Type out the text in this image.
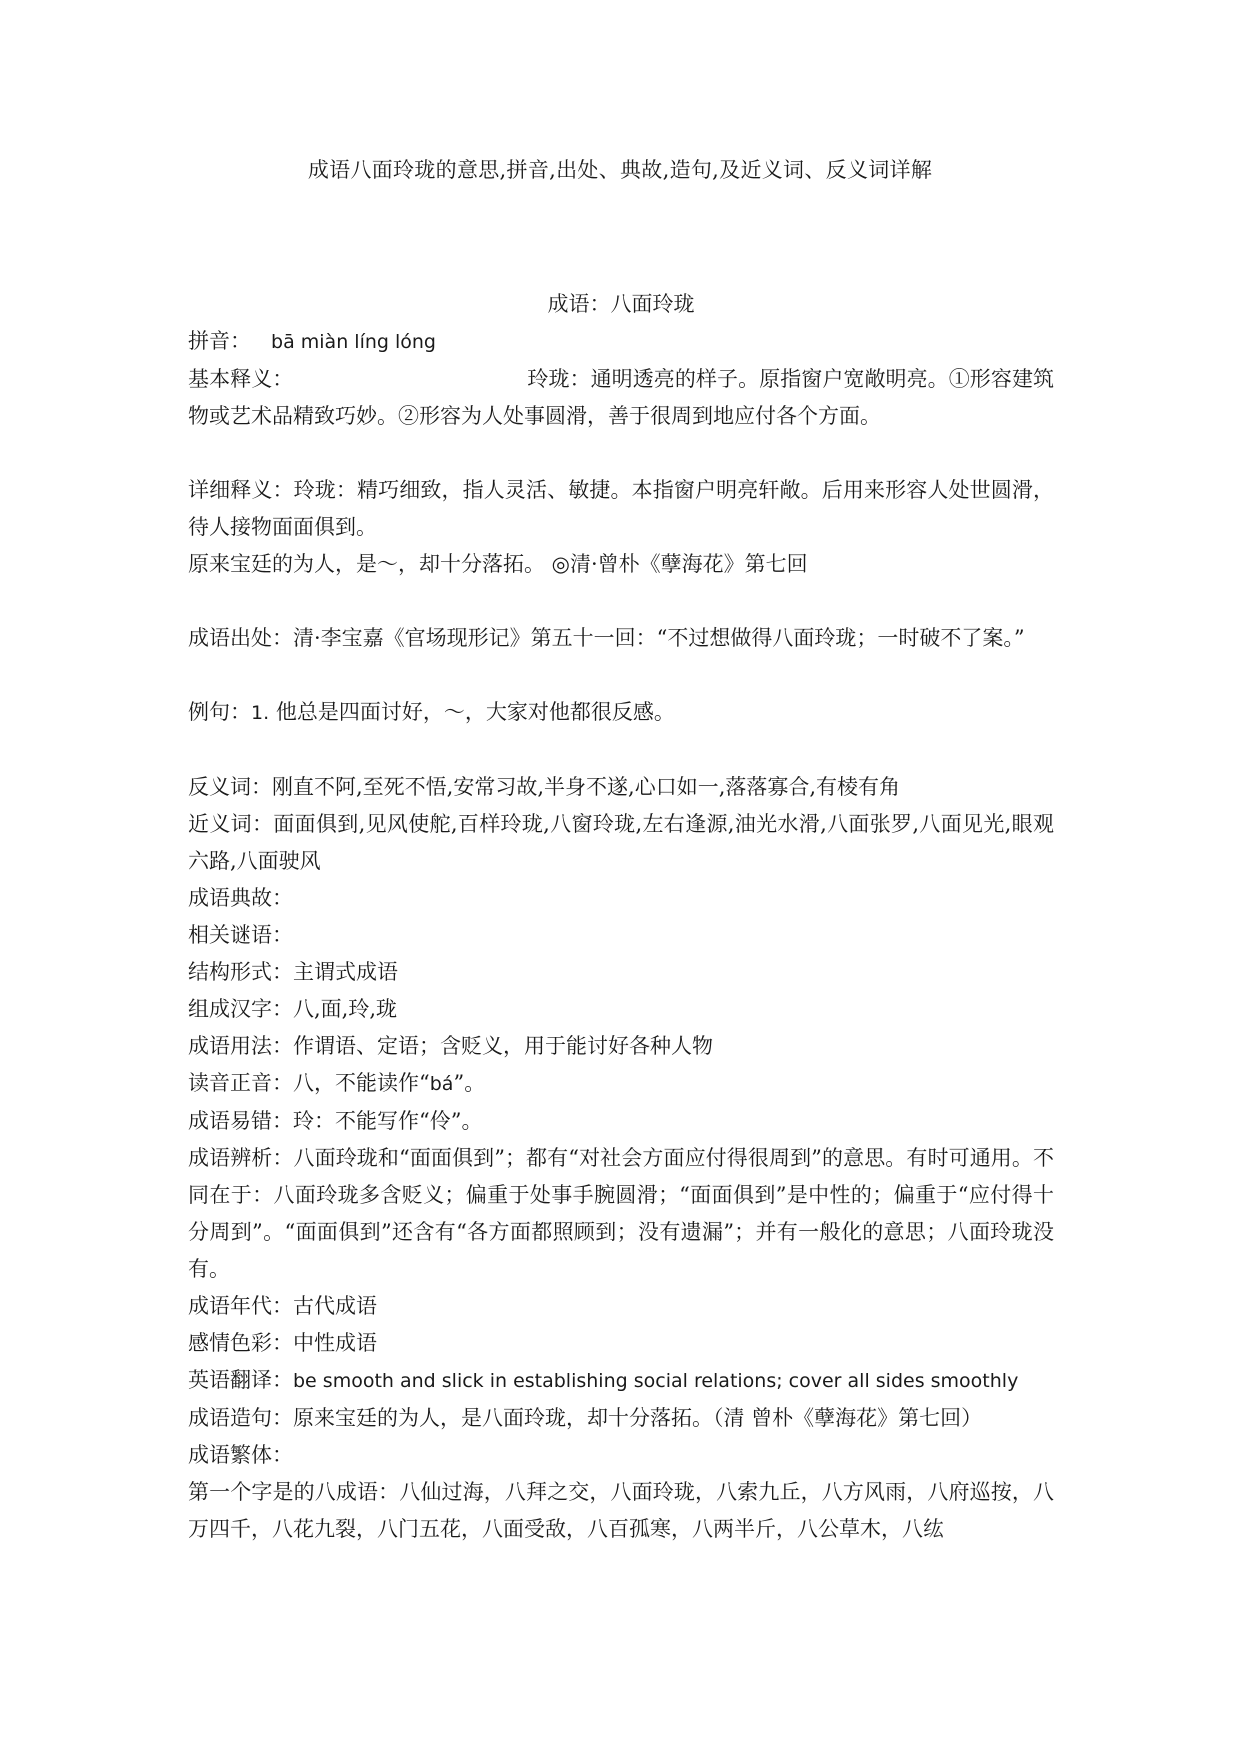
成语八面玲珑的意思,拼音,出处、典故,造句,及近义词、反义词详解

成语：八面玲珑

拼音： bā miàn líng lóng

基本释义：	玲珑：通明透亮的样子。原指窗户宽敞明亮。①形容建筑物或艺术品精致巧妙。②形容为人处事圆滑，善于很周到地应付各个方面。

详细释义：玲珑：精巧细致，指人灵活、敏捷。本指窗户明亮轩敞。后用来形容人处世圆滑，待人接物面面俱到。

原来宝廷的为人，是～，却十分落拓。 ◎清·曾朴《孽海花》第七回

成语出处：清·李宝嘉《官场现形记》第五十一回：“不过想做得八面玲珑；一时破不了案。”

例句：1. 他总是四面讨好，～，大家对他都很反感。

反义词：刚直不阿,至死不悟,安常习故,半身不遂,心口如一,落落寡合,有棱有角

近义词：面面俱到,见风使舵,百样玲珑,八窗玲珑,左右逢源,油光水滑,八面张罗,八面见光,眼观六路,八面驶风

成语典故：

相关谜语：

结构形式：主谓式成语

组成汉字：八,面,玲,珑

成语用法：作谓语、定语；含贬义，用于能讨好各种人物

读音正音：八，不能读作“bá”。

成语易错：玲：不能写作“伶”。

成语辨析：八面玲珑和“面面俱到”；都有“对社会方面应付得很周到”的意思。有时可通用。不同在于：八面玲珑多含贬义；偏重于处事手腕圆滑；“面面俱到”是中性的；偏重于“应付得十分周到”。“面面俱到”还含有“各方面都照顾到；没有遗漏”；并有一般化的意思；八面玲珑没有。

成语年代：古代成语

感情色彩：中性成语

英语翻译：be smooth and slick in establishing social relations; cover all sides smoothly

成语造句：原来宝廷的为人，是八面玲珑，却十分落拓。（清 曾朴《孽海花》第七回）

成语繁体：

第一个字是的八成语：八仙过海，八拜之交，八面玲珑，八索九丘，八方风雨，八府巡按，八万四千，八花九裂，八门五花，八面受敌，八百孤寒，八两半斤，八公草木，八纮
